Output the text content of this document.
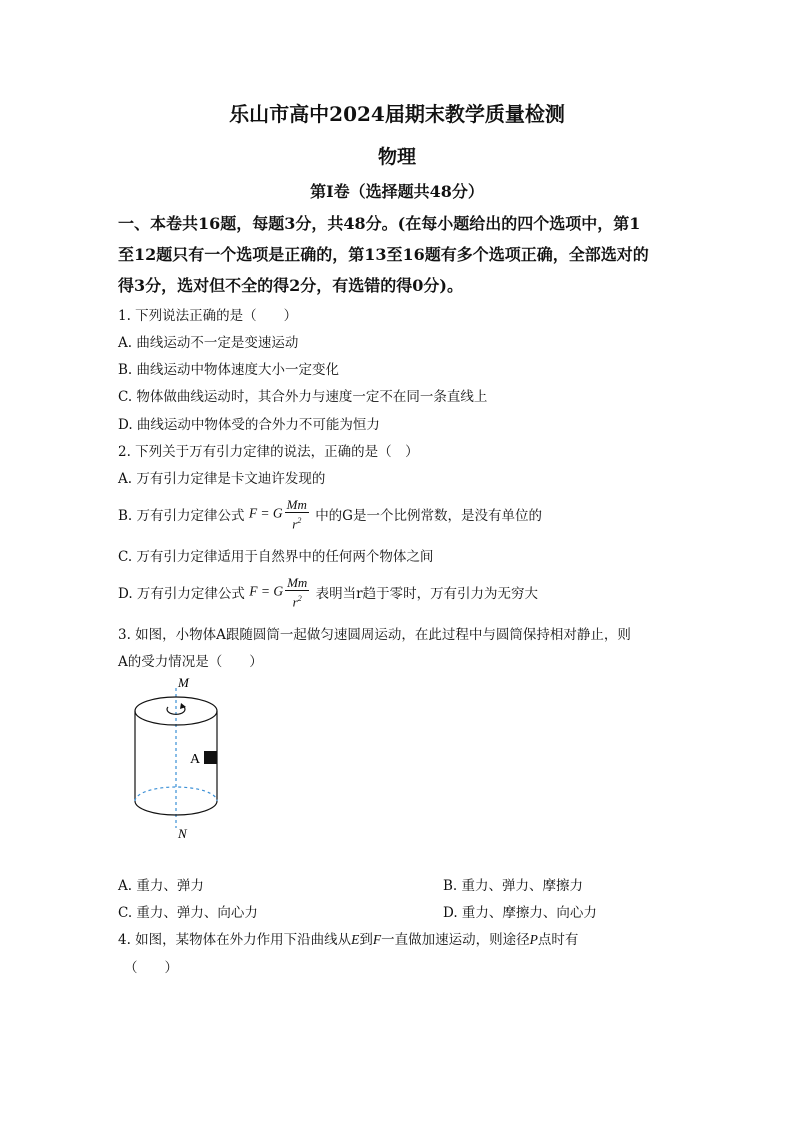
乐山市高中2024届期末教学质量检测
物理
第Ⅰ卷（选择题共48分）
一、本卷共16题，每题3分，共48分。(在每小题给出的四个选项中，第1
至12题只有一个选项是正确的，第13至16题有多个选项正确，全部选对的
得3分，选对但不全的得2分，有选错的得0分)。
1. 下列说法正确的是（　　）
A. 曲线运动不一定是变速运动
B. 曲线运动中物体速度大小一定变化
C. 物体做曲线运动时，其合外力与速度一定不在同一条直线上
D. 曲线运动中物体受的合外力不可能为恒力
2. 下列关于万有引力定律的说法，正确的是（　）
A. 万有引力定律是卡文迪许发现的
B. 万有引力定律公式 F = G $\frac{Mm}{r^2}$ 中的G是一个比例常数，是没有单位的
C. 万有引力定律适用于自然界中的任何两个物体之间
D. 万有引力定律公式 F = G $\frac{Mm}{r^2}$ 表明当r趋于零时，万有引力为无穷大
3. 如图，小物体A跟随圆筒一起做匀速圆周运动，在此过程中与圆筒保持相对静止，则
A的受力情况是（　　）
A
M
N
A. 重力、弹力	B. 重力、弹力、摩擦力
C. 重力、弹力、向心力	D. 重力、摩擦力、向心力
4. 如图，某物体在外力作用下沿曲线从E到F一直做加速运动，则途径P点时有
（　　）
